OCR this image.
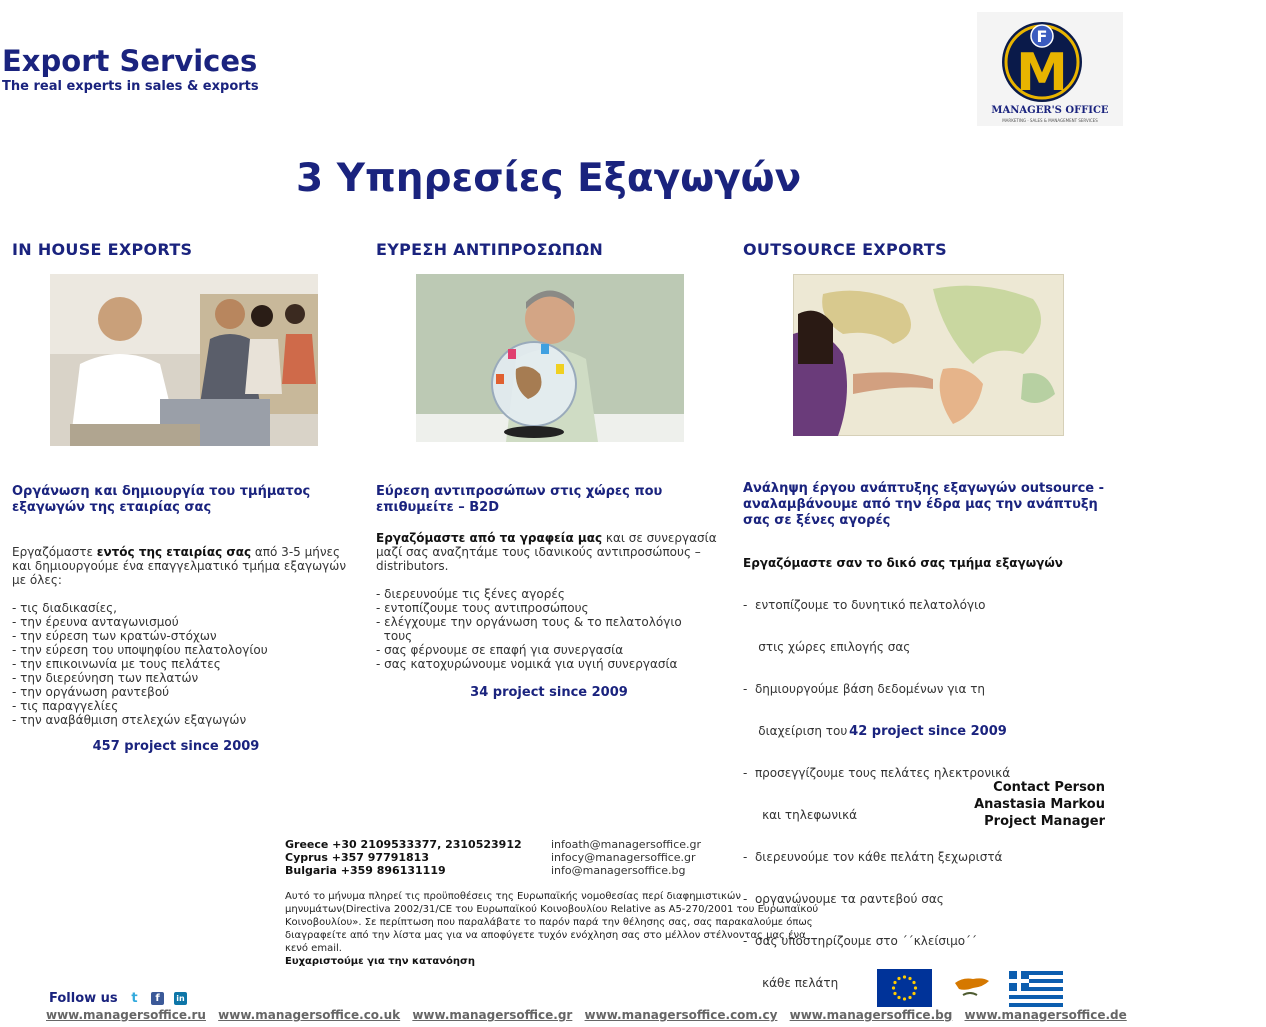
Export Services
The real experts in sales & exports
F
M
MANAGER'S OFFICE
MARKETING · SALES & MANAGEMENT SERVICES
3 Υπηρεσίες Εξαγωγών
IN HOUSE EXPORTS
Οργάνωση και δημιουργία του τμήματος εξαγωγών της εταιρίας σας
Εργαζόμαστε εντός της εταιρίας σας από 3-5 μήνες και δημιουργούμε ένα επαγγελματικό τμήμα εξαγωγών με όλες:
- τις διαδικασίες,
- την έρευνα ανταγωνισμού
- την εύρεση των κρατών-στόχων
- την εύρεση του υποψηφίου πελατολογίου
- την επικοινωνία με τους πελάτες
- την διερεύνηση των πελατών
- την οργάνωση ραντεβού
- τις παραγγελίες
- την αναβάθμιση στελεχών εξαγωγών
457 project since 2009
ΕΥΡΕΣΗ ΑΝΤΙΠΡΟΣΩΠΩΝ
Εύρεση αντιπροσώπων στις χώρες που επιθυμείτε – B2D
Εργαζόμαστε από τα γραφεία μας και σε συνεργασία μαζί σας αναζητάμε τους ιδανικούς αντιπροσώπους – distributors.
- διερευνούμε τις ξένες αγορές
- εντοπίζουμε τους αντιπροσώπους
- ελέγχουμε την οργάνωση τους & το πελατολόγιο
τους
- σας φέρνουμε σε επαφή για συνεργασία
- σας κατοχυρώνουμε νομικά για υγιή συνεργασία
34 project since 2009
OUTSOURCE EXPORTS
Ανάληψη έργου ανάπτυξης εξαγωγών outsource - αναλαμβάνουμε από την έδρα μας την ανάπτυξη σας σε ξένες αγορές
Εργαζόμαστε σαν το δικό σας τμήμα εξαγωγών

-  εντοπίζουμε το δυνητικό πελατολόγιο

στις χώρες επιλογής σας

-  δημιουργούμε βάση δεδομένων για τη

διαχείριση του

-  προσεγγίζουμε τους πελάτες ηλεκτρονικά

και τηλεφωνικά

-  διερευνούμε τον κάθε πελάτη ξεχωριστά

-  οργανώνουμε τα ραντεβού σας

-  σας υποστηρίζουμε στο ΄΄κλείσιμο΄΄

κάθε πελάτη

42 project since 2009
Contact Person
Anastasia Markou
Project Manager
Greece +30 2109533377, 2310523912
Cyprus +357 97791813
Bulgaria +359 896131119
infoath@managersoffice.gr
infocy@managersoffice.gr
info@managersoffice.bg
Αυτό το μήνυμα πληρεί τις προϋποθέσεις της Ευρωπαϊκής νομοθεσίας περί διαφημιστικών μηνυμάτων(Directiva 2002/31/CE του Ευρωπαϊκού Κοινοβουλίου Relative as A5-270/2001 του Ευρωπαϊκού Κοινοβουλίου». Σε περίπτωση που παραλάβατε το παρόν παρά την θέλησης σας, σας παρακαλούμε όπως διαγραφείτε από την λίστα μας για να αποφύγετε τυχόν ενόχληση σας στο μέλλον στέλνοντας μας ένα κενό email.
Ευχαριστούμε για την κατανόηση
Follow us t	f	in
www.managersoffice.ru www.managersoffice.co.uk www.managersoffice.gr www.managersoffice.com.cy www.managersoffice.bg www.managersoffice.de
